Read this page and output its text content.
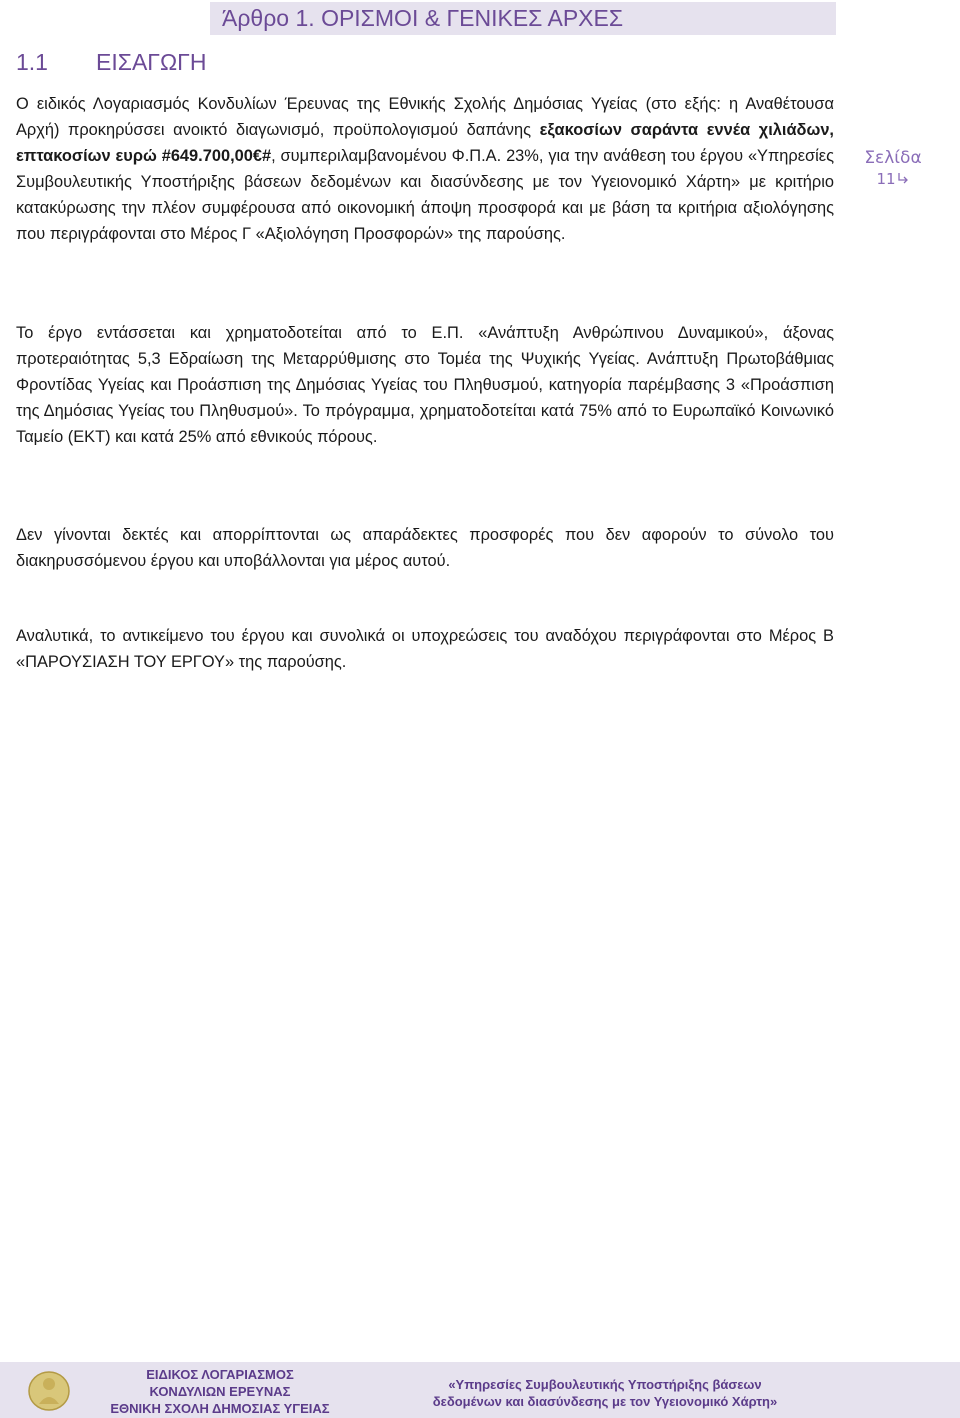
Άρθρο 1. ΟΡΙΣΜΟΙ & ΓΕΝΙΚΕΣ ΑΡΧΕΣ
1.1 ΕΙΣΑΓΩΓΗ
Ο ειδικός Λογαριασμός Κονδυλίων Έρευνας της Εθνικής Σχολής Δημόσιας Υγείας (στο εξής: η Αναθέτουσα Αρχή) προκηρύσσει ανοικτό διαγωνισμό, προϋπολογισμού δαπάνης εξακοσίων σαράντα εννέα χιλιάδων, επτακοσίων ευρώ #649.700,00€#, συμπεριλαμβανομένου Φ.Π.Α. 23%, για την ανάθεση του έργου «Υπηρεσίες Συμβουλευτικής Υποστήριξης βάσεων δεδομένων και διασύνδεσης με τον Υγειονομικό Χάρτη» με κριτήριο κατακύρωσης την πλέον συμφέρουσα από οικονομική άποψη προσφορά και με βάση τα κριτήρια αξιολόγησης που περιγράφονται στο Μέρος Γ «Αξιολόγηση Προσφορών» της παρούσης.
Το έργο εντάσσεται και χρηματοδοτείται από το Ε.Π. «Ανάπτυξη Ανθρώπινου Δυναμικού», άξονας προτεραιότητας 5,3 Εδραίωση της Μεταρρύθμισης στο Τομέα της Ψυχικής Υγείας. Ανάπτυξη Πρωτοβάθμιας Φροντίδας Υγείας και Προάσπιση της Δημόσιας Υγείας του Πληθυσμού, κατηγορία παρέμβασης 3 «Προάσπιση της Δημόσιας Υγείας του Πληθυσμού». Το πρόγραμμα, χρηματοδοτείται κατά 75% από το Ευρωπαϊκό Κοινωνικό Ταμείο (ΕΚΤ) και κατά 25% από εθνικούς πόρους.
Δεν γίνονται δεκτές και απορρίπτονται ως απαράδεκτες προσφορές που δεν αφορούν το σύνολο του διακηρυσσόμενου έργου και υποβάλλονται για μέρος αυτού.
Αναλυτικά, το αντικείμενο του έργου και συνολικά οι υποχρεώσεις του αναδόχου περιγράφονται στο Μέρος Β «ΠΑΡΟΥΣΙΑΣΗ ΤΟΥ ΕΡΓΟΥ» της παρούσης.
Σελίδα
11
ΕΙΔΙΚΟΣ ΛΟΓΑΡΙΑΣΜΟΣ
ΚΟΝΔΥΛΙΩΝ ΕΡΕΥΝΑΣ
ΕΘΝΙΚΗ ΣΧΟΛΗ ΔΗΜΟΣΙΑΣ ΥΓΕΙΑΣ
«Υπηρεσίες Συμβουλευτικής Υποστήριξης βάσεων
δεδομένων και διασύνδεσης με τον Υγειονομικό Χάρτη»
